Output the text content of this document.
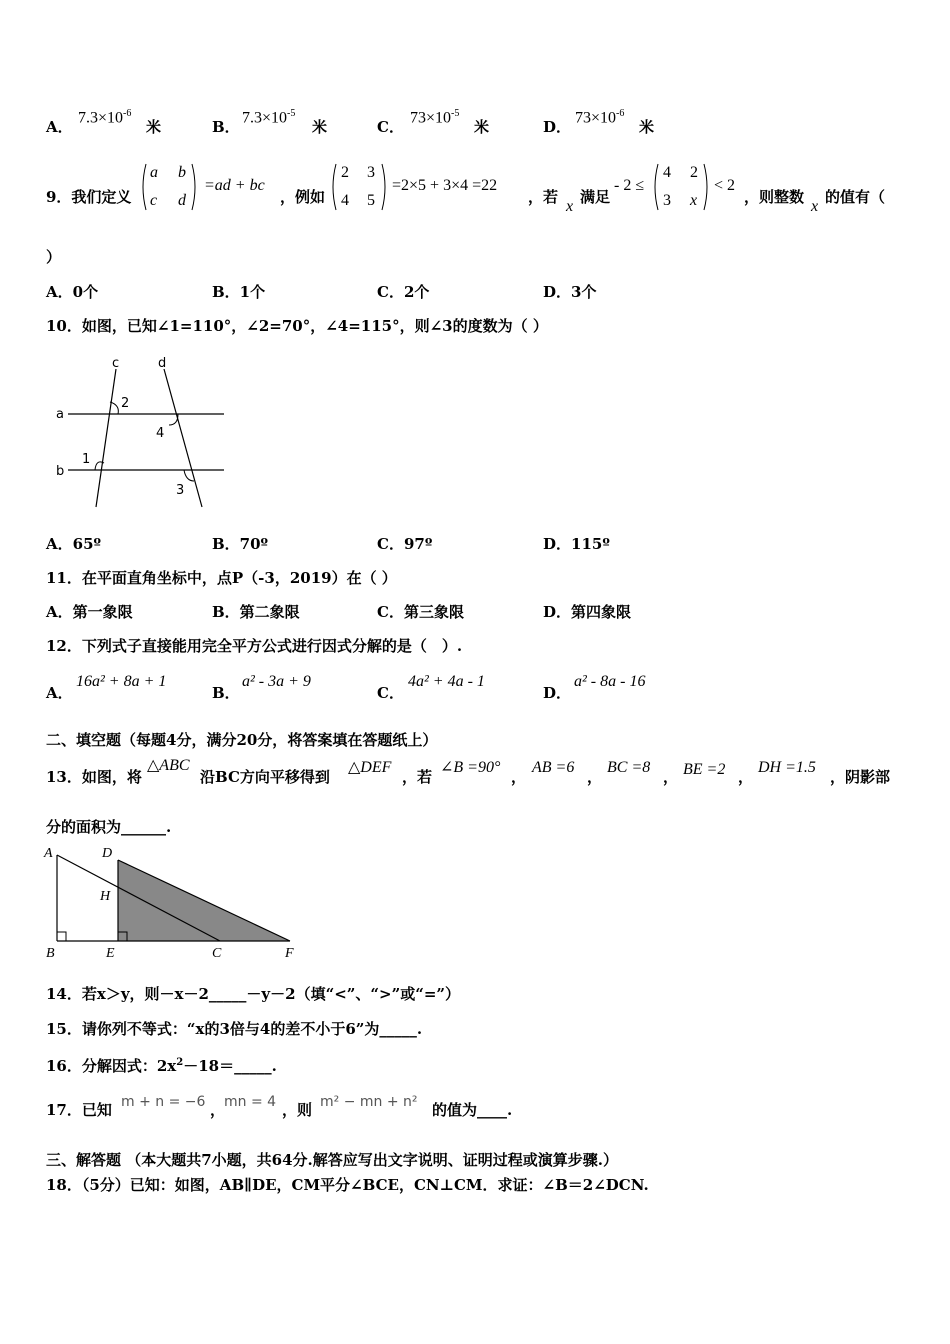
A．
$7.3\times 10^{-6}$
米	B．
$7.3\times 10^{-5}$
米	C．
$73\times 10^{-5}$
米	D．
$73\times 10^{-6}$
米
9．我们定义
a b
c d
=ad + bc
，例如
2 3
4 5
=2×5 + 3×4 =22
，若
x
满足
- 2 ≤
4 2
3 x
< 2
，则整数
x
的值有（
）
A．0个	B．1个	C．2个	D．3个
10．如图，已知∠1=110°，∠2=70°，∠4=115°，则∠3的度数为（ ）
c	d
a
b
2
1
4
3
A．65º	B．70º	C．97º	D．115º
11．在平面直角坐标中，点P（-3，2019）在（ ）
A．第一象限	B．第二象限	C．第三象限	D．第四象限
12．下列式子直接能用完全平方公式进行因式分解的是（　）.
A．
16a² + 8a + 1
B．
a² - 3a + 9
C．
4a² + 4a - 1
D．
a² - 8a - 16
二、填空题（每题4分，满分20分，将答案填在答题纸上）
13．如图，将
△ABC
沿BC方向平移得到
△DEF
，若
∠B =90°
，
AB =6
，
BC =8
， BE =2 ，
DH =1.5
，阴影部
分的面积为______.
A	D
H
B	E	C	F
14．若x＞y，则－x－2_____－y－2（填“<”、“>”或“=”）
15．请你列不等式：“x的3倍与4的差不小于6”为_____.
16．分解因式：$2x^2-18=\_\_\_\_\_$.
17．已知 m + n = −6 ，
mn = 4 ，则 m² − mn + n² 的值为____.
三、解答题 （本大题共7小题，共64分.解答应写出文字说明、证明过程或演算步骤.）
18．（5分）已知：如图，AB∥DE，CM平分∠BCE，CN⊥CM．求证：∠B＝2∠DCN.
